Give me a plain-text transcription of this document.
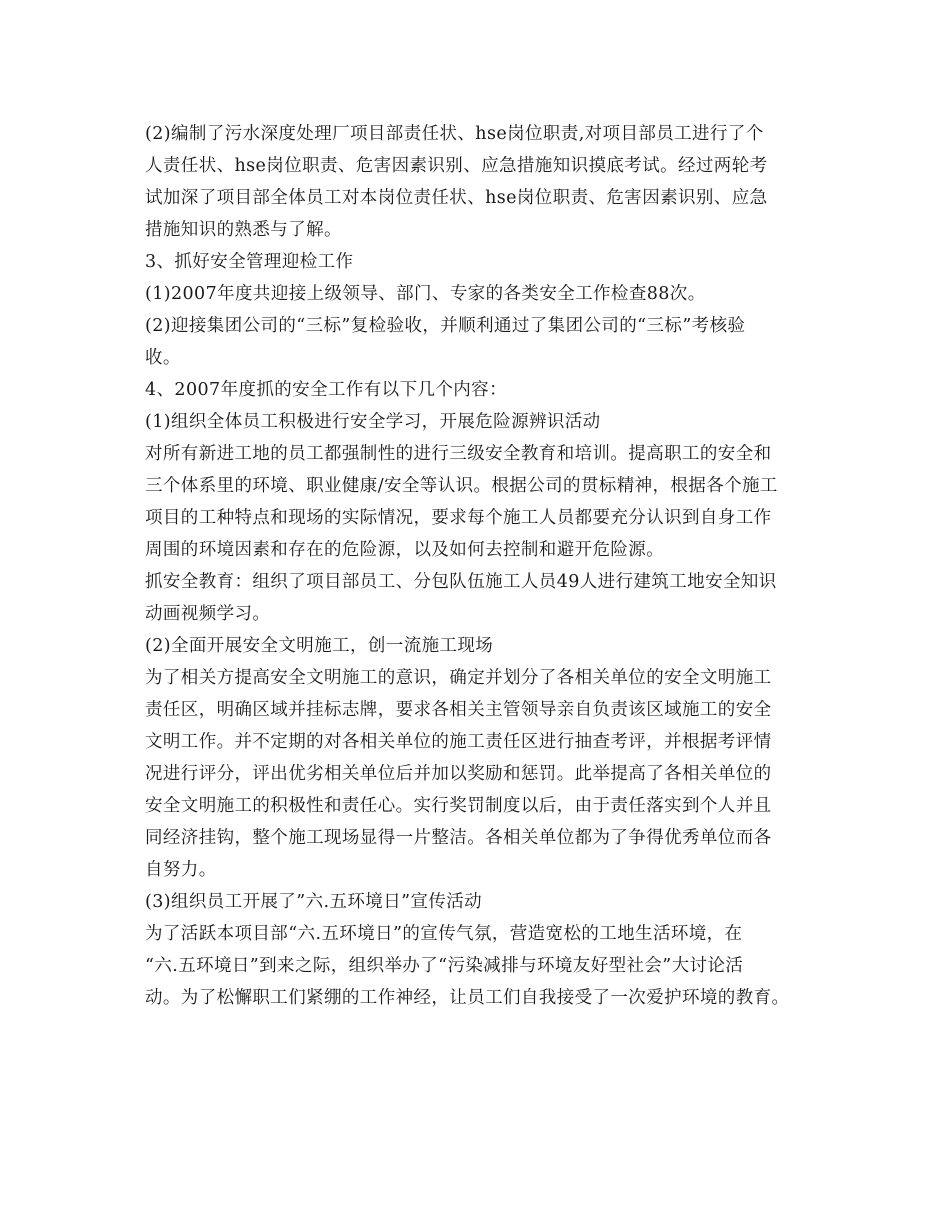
(2)编制了污水深度处理厂项目部责任状、hse岗位职责,对项目部员工进行了个
人责任状、hse岗位职责、危害因素识别、应急措施知识摸底考试。经过两轮考
试加深了项目部全体员工对本岗位责任状、hse岗位职责、危害因素识别、应急
措施知识的熟悉与了解。
3、抓好安全管理迎检工作
(1)2007年度共迎接上级领导、部门、专家的各类安全工作检查88次。
(2)迎接集团公司的“三标”复检验收，并顺利通过了集团公司的“三标”考核验
收。
4、2007年度抓的安全工作有以下几个内容：
(1)组织全体员工积极进行安全学习，开展危险源辨识活动
对所有新进工地的员工都强制性的进行三级安全教育和培训。提高职工的安全和
三个体系里的环境、职业健康/安全等认识。根据公司的贯标精神，根据各个施工
项目的工种特点和现场的实际情况，要求每个施工人员都要充分认识到自身工作
周围的环境因素和存在的危险源，以及如何去控制和避开危险源。
抓安全教育：组织了项目部员工、分包队伍施工人员49人进行建筑工地安全知识
动画视频学习。
(2)全面开展安全文明施工，创一流施工现场
为了相关方提高安全文明施工的意识，确定并划分了各相关单位的安全文明施工
责任区，明确区域并挂标志牌，要求各相关主管领导亲自负责该区域施工的安全
文明工作。并不定期的对各相关单位的施工责任区进行抽查考评，并根据考评情
况进行评分，评出优劣相关单位后并加以奖励和惩罚。此举提高了各相关单位的
安全文明施工的积极性和责任心。实行奖罚制度以后，由于责任落实到个人并且
同经济挂钩，整个施工现场显得一片整洁。各相关单位都为了争得优秀单位而各
自努力。
(3)组织员工开展了”六.五环境日”宣传活动
为了活跃本项目部“六.五环境日”的宣传气氛，营造宽松的工地生活环境，在
“六.五环境日”到来之际，组织举办了“污染减排与环境友好型社会”大讨论活
动。为了松懈职工们紧绷的工作神经，让员工们自我接受了一次爱护环境的教育。
